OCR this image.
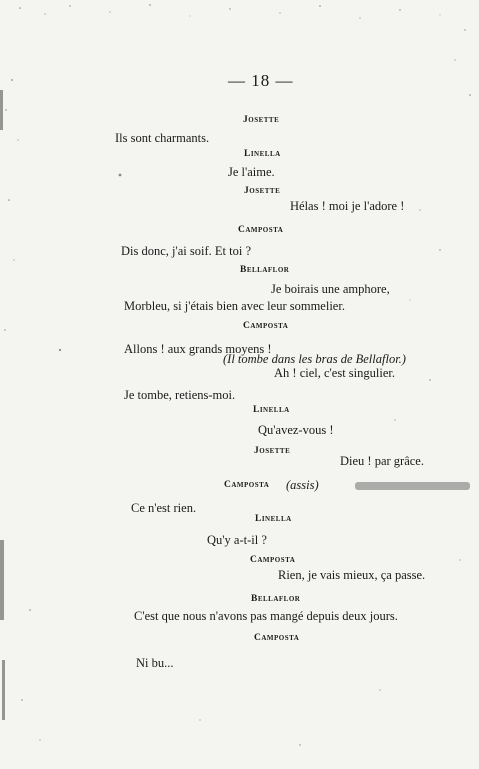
— 18 —
Josette
Ils sont charmants.
Linella
Je l'aime.
Josette
Hélas ! moi je l'adore !
Camposta
Dis donc, j'ai soif. Et toi ?
Bellaflor
Je boirais une amphore,
Morbleu, si j'étais bien avec leur sommelier.
Camposta
Allons ! aux grands moyens !
(Il tombe dans les bras de Bellaflor.)
Ah ! ciel, c'est singulier.
Je tombe, retiens-moi.
Linella
Qu'avez-vous !
Josette
Dieu ! par grâce.
Camposta (assis)
Ce n'est rien.
Linella
Qu'y a-t-il ?
Camposta
Rien, je vais mieux, ça passe.
Bellaflor
C'est que nous n'avons pas mangé depuis deux jours.
Camposta
Ni bu...
